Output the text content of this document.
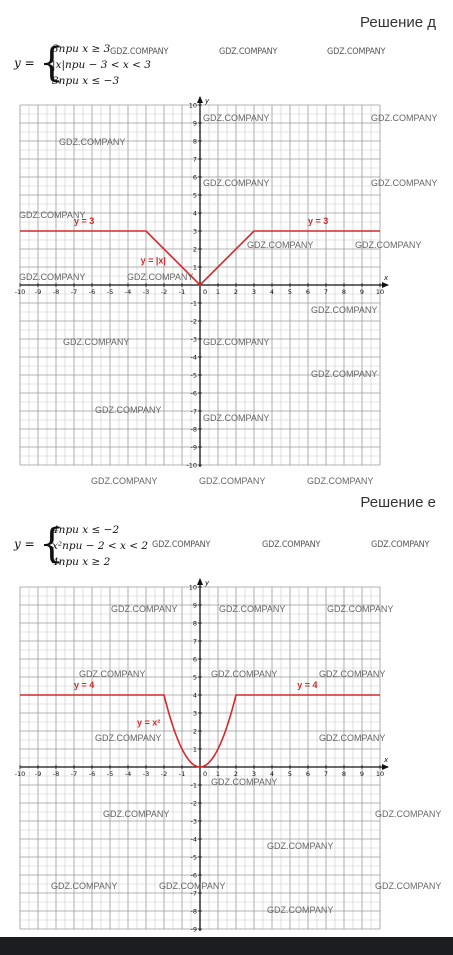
Решение д
y = {
3при x ≥ 3
|x|при − 3 < x < 3
3при x ≤ −3
GDZ.COMPANY	GDZ.COMPANY	GDZ.COMPANY
x
y
-10 -9 -8 -7 -6 -5 -4 -3 -2 -1	1 2 3 4 5 6 7 8 9 10
10
9
8
7
6
5
4
3
2
1
-1
-2
-3
-4
-5
-6
-7
-8
-9
-10
0
y = 3	y = 3
y = |x|
GDZ.COMPANY	GDZ.COMPANY
GDZ.COMPANY
GDZ.COMPANY	GDZ.COMPANY
GDZ.COMPANY
GDZ.COMPANY	GDZ.COMPANY
GDZ.COMPANY	GDZ.COMPANY
GDZ.COMPANY
GDZ.COMPANY	GDZ.COMPANY
GDZ.COMPANY
GDZ.COMPANY
GDZ.COMPANY
GDZ.COMPANY	GDZ.COMPANY	GDZ.COMPANY
Решение е
y = {
4при x ≤ −2
x²при − 2 < x < 2
4при x ≥ 2
GDZ.COMPANY	GDZ.COMPANY	GDZ.COMPANY
x
y
-10 -9 -8 -7 -6 -5 -4 -3 -2 -1	1 2 3 4 5 6 7 8 9 10
10
9
8
7
6
5
4
3
2
1
-1
-2
-3
-4
-5
-6
-7
-8
-9
0
y = 4	y = 4
y = x²
GDZ.COMPANY	GDZ.COMPANY	GDZ.COMPANY
GDZ.COMPANY	GDZ.COMPANY	GDZ.COMPANY
GDZ.COMPANY	GDZ.COMPANY
GDZ.COMPANY
GDZ.COMPANY	GDZ.COMPANY
GDZ.COMPANY
GDZ.COMPANY	GDZ.COMPANY	GDZ.COMPANY
GDZ.COMPANY
